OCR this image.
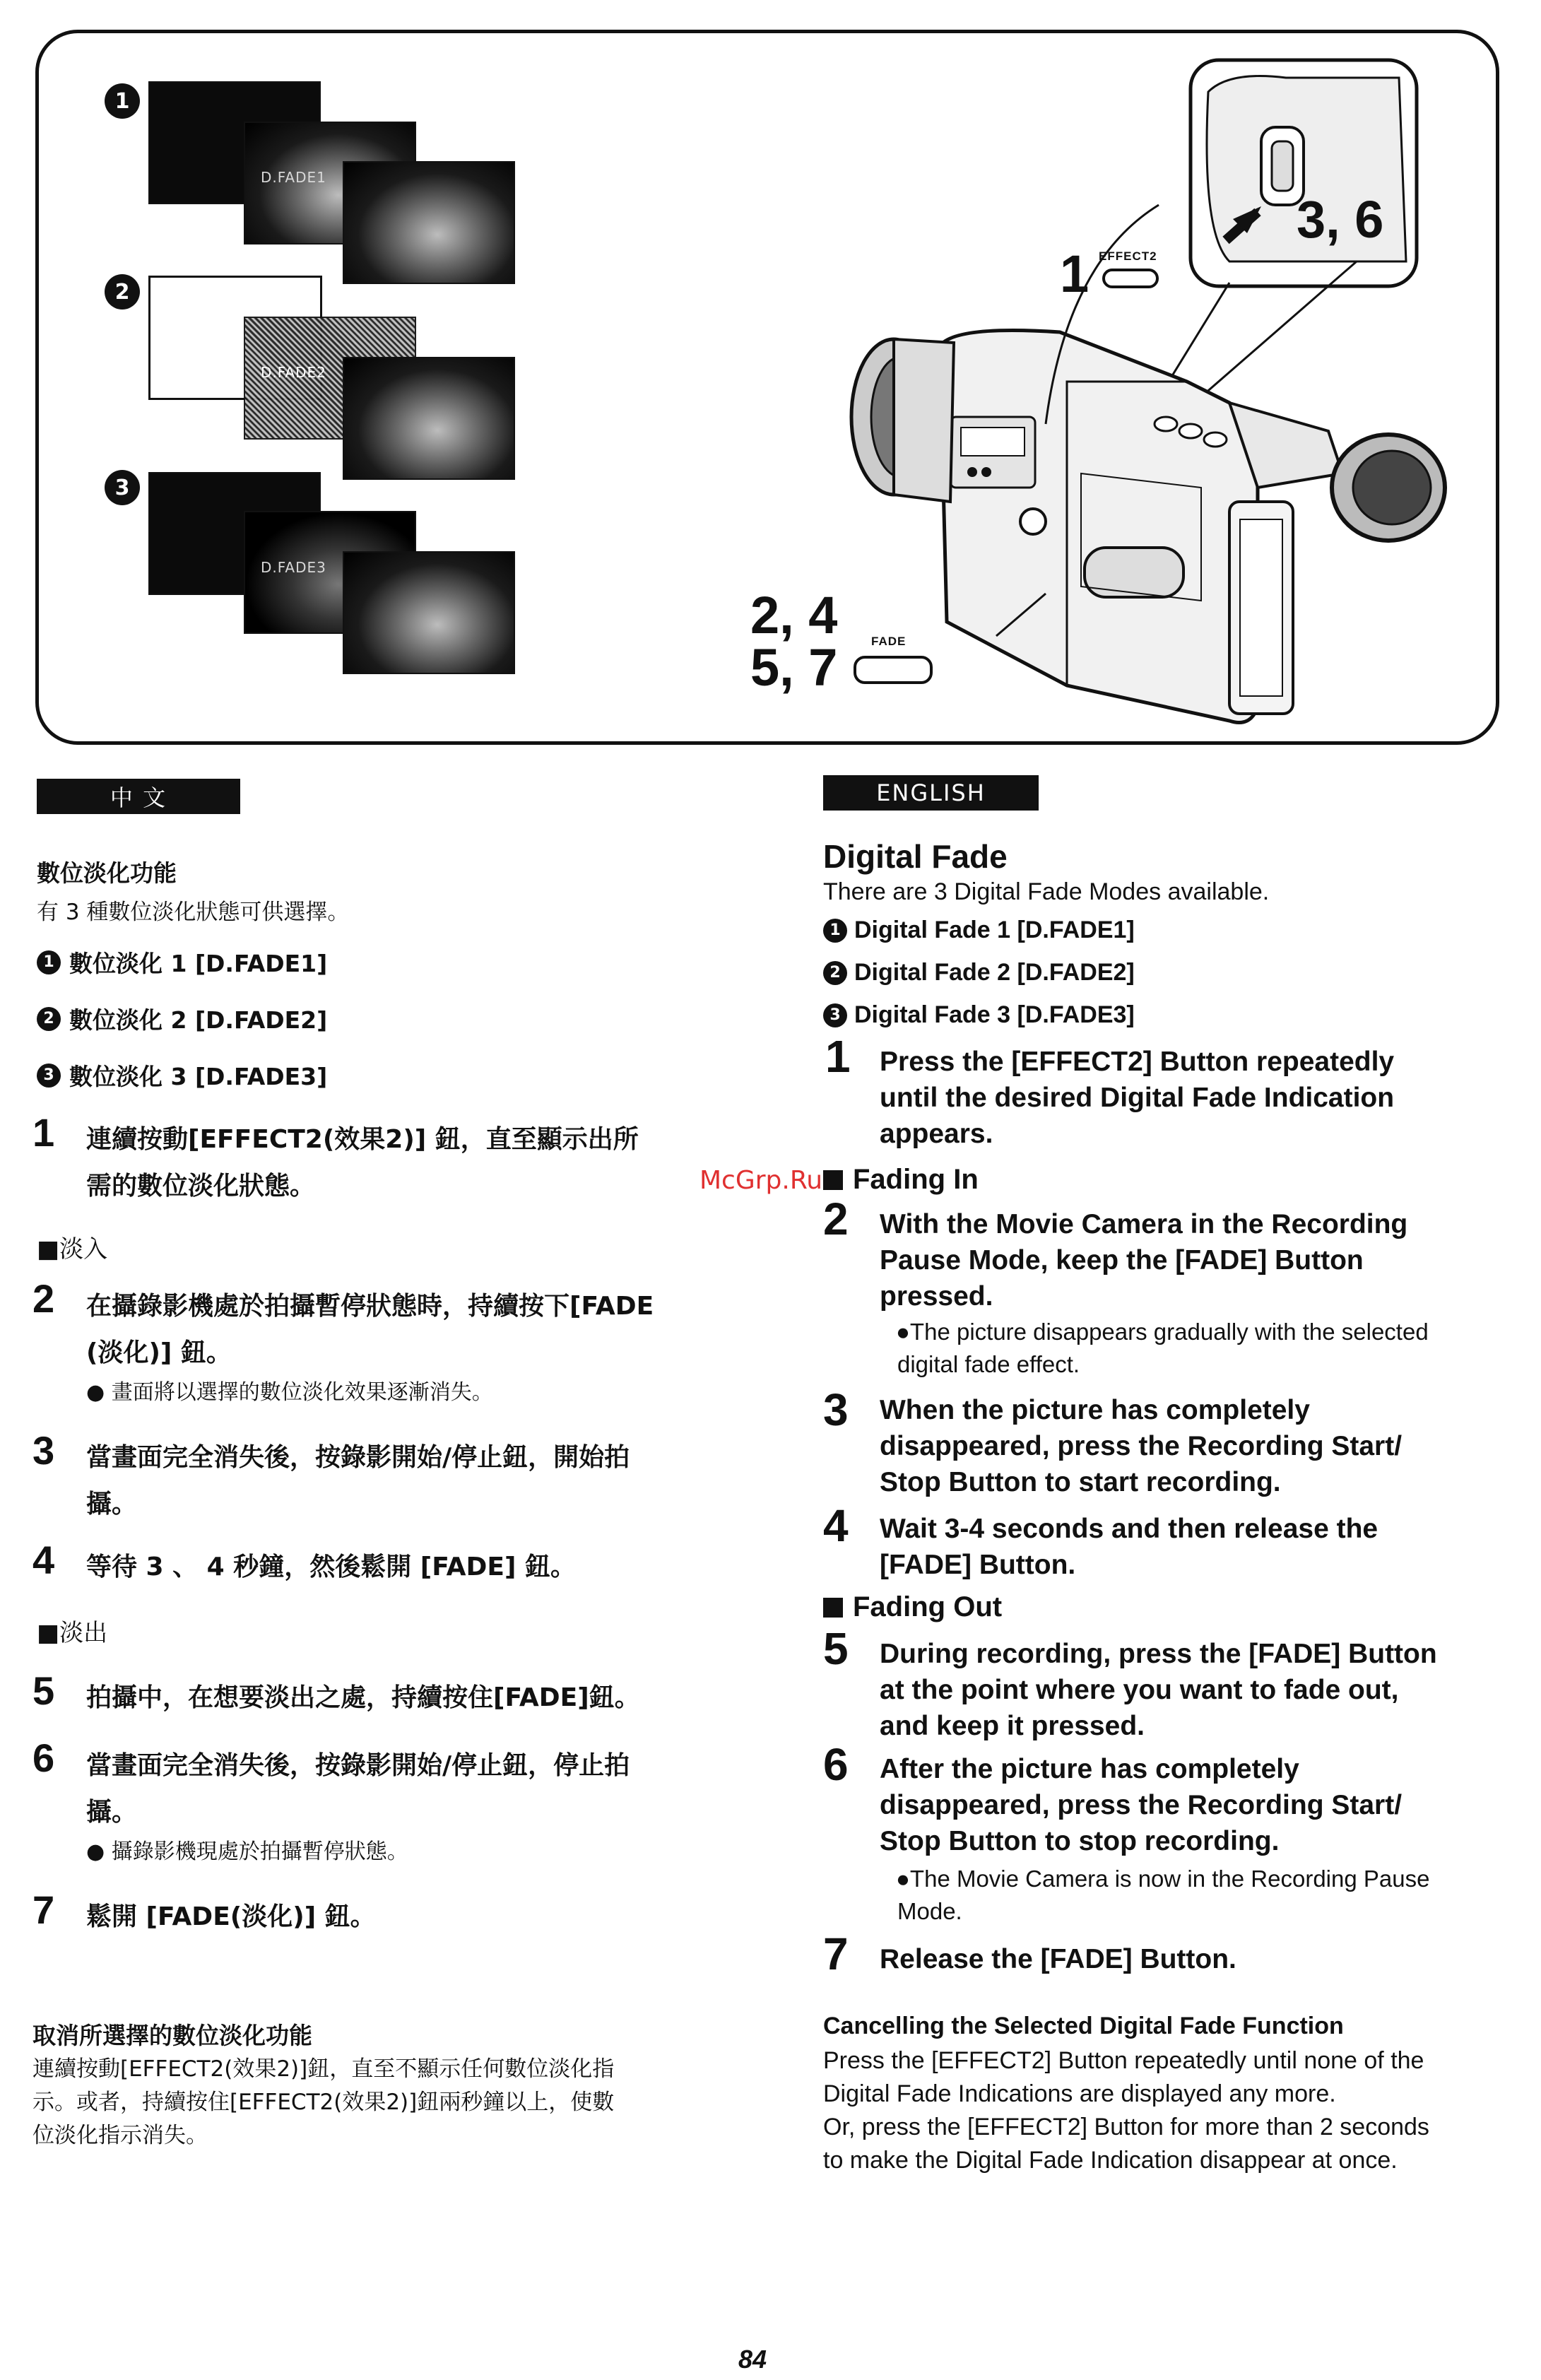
1
D.FADE1
2
D.FADE2
3
D.FADE3
1 EFFECT2
3, 6
2, 4
5, 7	FADE
中 文
數位淡化功能
有 3 種數位淡化狀態可供選擇。
1 數位淡化 1 [D.FADE1]
2 數位淡化 2 [D.FADE2]
3 數位淡化 3 [D.FADE3]
1 連續按動[EFFECT2(效果2)] 鈕，直至顯示出所
需的數位淡化狀態。
■淡入
2 在攝錄影機處於拍攝暫停狀態時，持續按下[FADE
(淡化)] 鈕。
● 畫面將以選擇的數位淡化效果逐漸消失。
3 當畫面完全消失後，按錄影開始/停止鈕，開始拍
攝。
4 等待 3 、 4 秒鐘，然後鬆開 [FADE] 鈕。
■淡出
5 拍攝中，在想要淡出之處，持續按住[FADE]鈕。
6 當畫面完全消失後，按錄影開始/停止鈕，停止拍
攝。
● 攝錄影機現處於拍攝暫停狀態。
7 鬆開 [FADE(淡化)] 鈕。
取消所選擇的數位淡化功能
連續按動[EFFECT2(效果2)]鈕，直至不顯示任何數位淡化指
示。或者，持續按住[EFFECT2(效果2)]鈕兩秒鐘以上，使數
位淡化指示消失。
ENGLISH
Digital Fade
There are 3 Digital Fade Modes available.
1 Digital Fade 1 [D.FADE1]
2 Digital Fade 2 [D.FADE2]
3 Digital Fade 3 [D.FADE3]
1 Press the [EFFECT2] Button repeatedly
until the desired Digital Fade Indication
appears.
Fading In
2 With the Movie Camera in the Recording
Pause Mode, keep the [FADE] Button
pressed.
●The picture disappears gradually with the selected
digital fade effect.
3 When the picture has completely
disappeared, press the Recording Start/
Stop Button to start recording.
4 Wait 3-4 seconds and then release the
[FADE] Button.
Fading Out
5 During recording, press the [FADE] Button
at the point where you want to fade out,
and keep it pressed.
6 After the picture has completely
disappeared, press the Recording Start/
Stop Button to stop recording.
●The Movie Camera is now in the Recording Pause
Mode.
7 Release the [FADE] Button.
Cancelling the Selected Digital Fade Function
Press the [EFFECT2] Button repeatedly until none of the
Digital Fade Indications are displayed any more.
Or, press the [EFFECT2] Button for more than 2 seconds
to make the Digital Fade Indication disappear at once.
McGrp.Ru
84
